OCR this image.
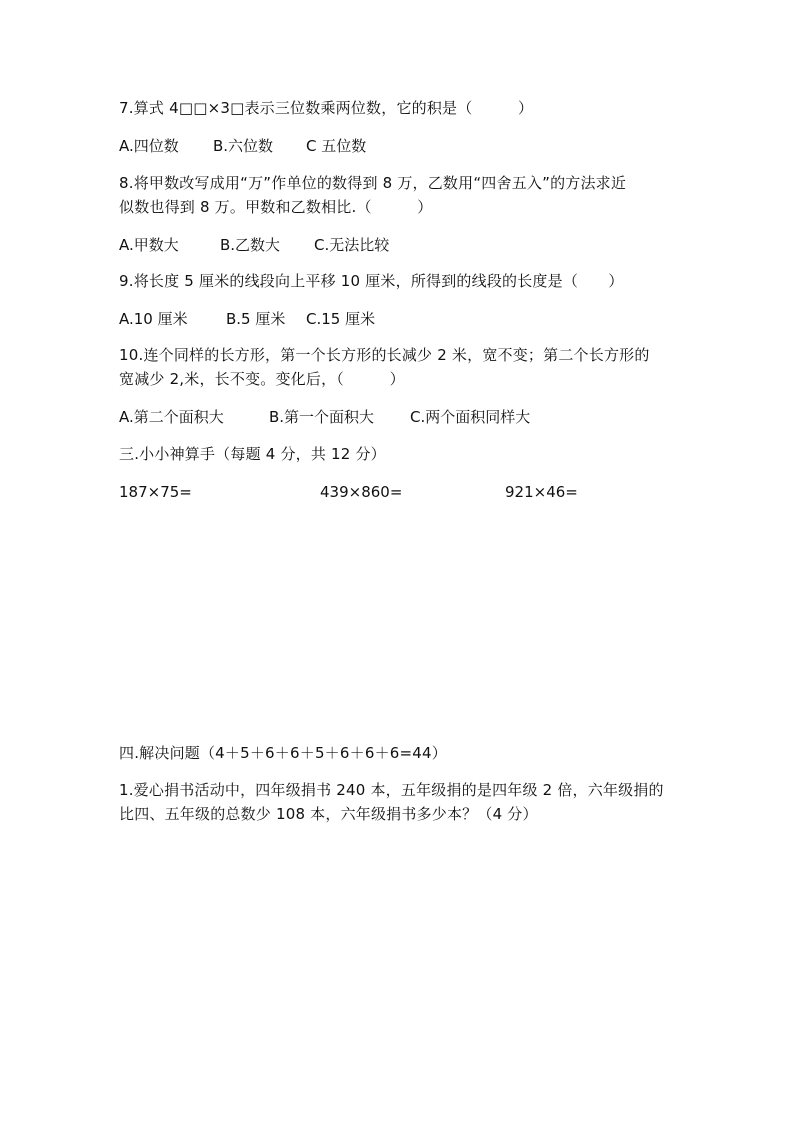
7.算式 4□□×3□表示三位数乘两位数，它的积是（　　　）
A.四位数 B.六位数 C 五位数
8.将甲数改写成用“万”作单位的数得到 8 万，乙数用“四舍五入”的方法求近
似数也得到 8 万。甲数和乙数相比.（　　　）
A.甲数大	B.乙数大 C.无法比较
9.将长度 5 厘米的线段向上平移 10 厘米，所得到的线段的长度是（　　）
A.10 厘米	B.5 厘米 C.15 厘米
10.连个同样的长方形，第一个长方形的长减少 2 米，宽不变；第二个长方形的
宽减少 2,米，长不变。变化后，（　　　）
A.第二个面积大	B.第一个面积大 C.两个面积同样大
三.小小神算手（每题 4 分，共 12 分）
187×75=	439×860=	921×46=
四.解决问题（4＋5＋6＋6＋5＋6＋6＋6=44）
1.爱心捐书活动中，四年级捐书 240 本，五年级捐的是四年级 2 倍，六年级捐的
比四、五年级的总数少 108 本，六年级捐书多少本？（4 分）
